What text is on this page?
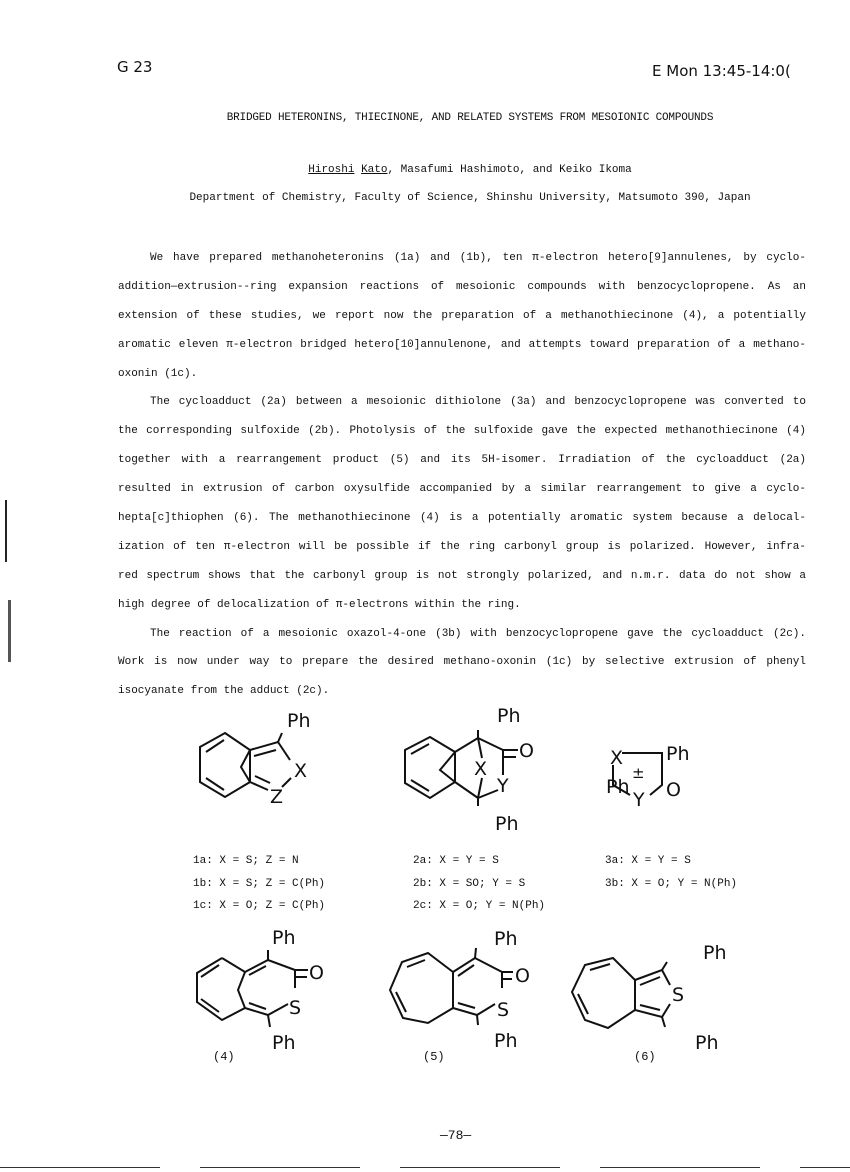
G 23	E Mon 13:45-14:0(
BRIDGED HETERONINS, THIECINONE, AND RELATED SYSTEMS FROM MESOIONIC COMPOUNDS
Hiroshi Kato, Masafumi Hashimoto, and Keiko Ikoma
Department of Chemistry, Faculty of Science, Shinshu University, Matsumoto 390, Japan
We have prepared methanoheteronins (1a) and (1b), ten π-electron hetero[9]annulenes, by cyclo-
addition—extrusion--ring expansion reactions of mesoionic compounds with benzocyclopropene. As an
extension of these studies, we report now the preparation of a methanothiecinone (4), a potentially
aromatic eleven π-electron bridged hetero[10]annulenone, and attempts toward preparation of a methano-
oxonin (1c).
The cycloadduct (2a) between a mesoionic dithiolone (3a) and benzocyclopropene was converted to
the corresponding sulfoxide (2b). Photolysis of the sulfoxide gave the expected methanothiecinone (4)
together with a rearrangement product (5) and its 5H-isomer. Irradiation of the cycloadduct (2a)
resulted in extrusion of carbon oxysulfide accompanied by a similar rearrangement to give a cyclo-
hepta[c]thiophen (6). The methanothiecinone (4) is a potentially aromatic system because a delocal-
ization of ten π-electron will be possible if the ring carbonyl group is polarized. However, infra-
red spectrum shows that the carbonyl group is not strongly polarized, and n.m.r. data do not show a
high degree of delocalization of π-electrons within the ring.
The reaction of a mesoionic oxazol-4-one (3b) with benzocyclopropene gave the cycloadduct (2c).
Work is now under way to prepare the desired methano-oxonin (1c) by selective extrusion of phenyl
isocyanate from the adduct (2c).
Ph
X
Z
Ph
X
O
Y
Ph
X Ph
±
Ph O
Y
Ph
O
S
Ph
(4)
Ph
O
S
Ph
(5)
Ph
S
Ph
(6)
1a: X = S; Z = N
1b: X = S; Z = C(Ph)
1c: X = O; Z = C(Ph)
2a: X = Y = S
2b: X = SO; Y = S
2c: X = O; Y = N(Ph)
3a: X = Y = S
3b: X = O; Y = N(Ph)
—78—
